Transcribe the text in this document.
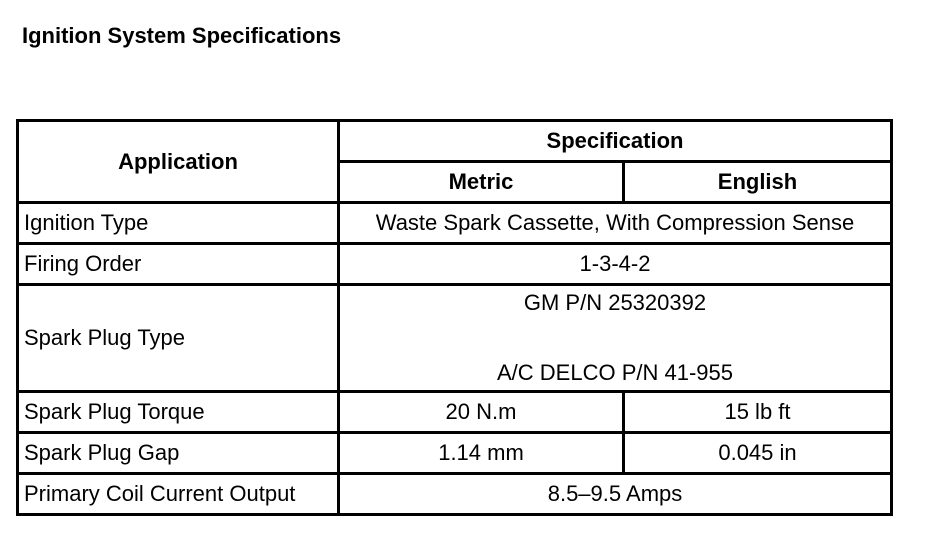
Ignition System Specifications
Application	Specification	
	Metric	English
Ignition Type	Waste Spark Cassette, With Compression Sense	
Firing Order	1-3-4-2	
Spark Plug Type	GM P/N 25320392
A/C DELCO P/N 41-955	

Spark Plug Torque	20 N.m	15 lb ft
Spark Plug Gap	1.14 mm	0.045 in
Primary Coil Current Output	8.5–9.5 Amps	
